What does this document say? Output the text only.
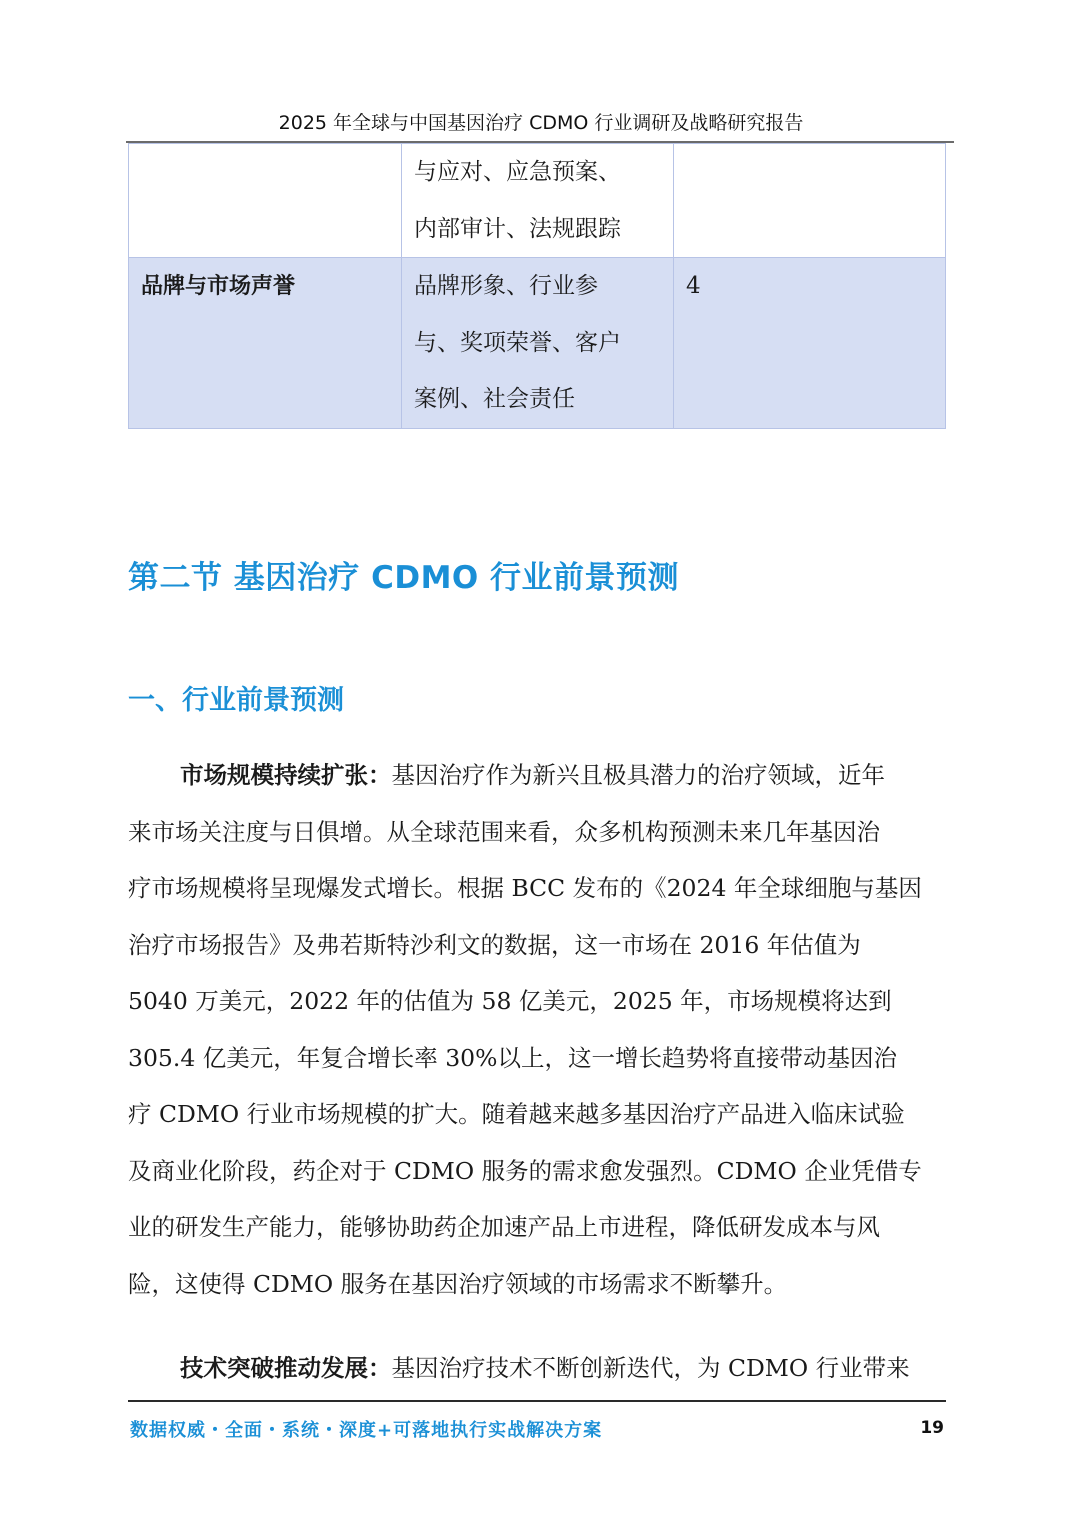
2025 年全球与中国基因治疗 CDMO 行业调研及战略研究报告

	与应对、应急预案、
内部审计、法规跟踪	

品牌与市场声誉	品牌形象、行业参
与、奖项荣誉、客户
案例、社会责任	4
第二节 基因治疗 CDMO 行业前景预测
一、行业前景预测
市场规模持续扩张：基因治疗作为新兴且极具潜力的治疗领域，近年
来市场关注度与日俱增。从全球范围来看，众多机构预测未来几年基因治
疗市场规模将呈现爆发式增长。根据 BCC 发布的《2024 年全球细胞与基因
治疗市场报告》及弗若斯特沙利文的数据，这一市场在 2016 年估值为
5040 万美元，2022 年的估值为 58 亿美元，2025 年，市场规模将达到
305.4 亿美元，年复合增长率 30%以上，这一增长趋势将直接带动基因治
疗 CDMO 行业市场规模的扩大。随着越来越多基因治疗产品进入临床试验
及商业化阶段，药企对于 CDMO 服务的需求愈发强烈。CDMO 企业凭借专
业的研发生产能力，能够协助药企加速产品上市进程，降低研发成本与风
险，这使得 CDMO 服务在基因治疗领域的市场需求不断攀升。
技术突破推动发展：基因治疗技术不断创新迭代，为 CDMO 行业带来
数据权威・全面・系统・深度+可落地执行实战解决方案	19
